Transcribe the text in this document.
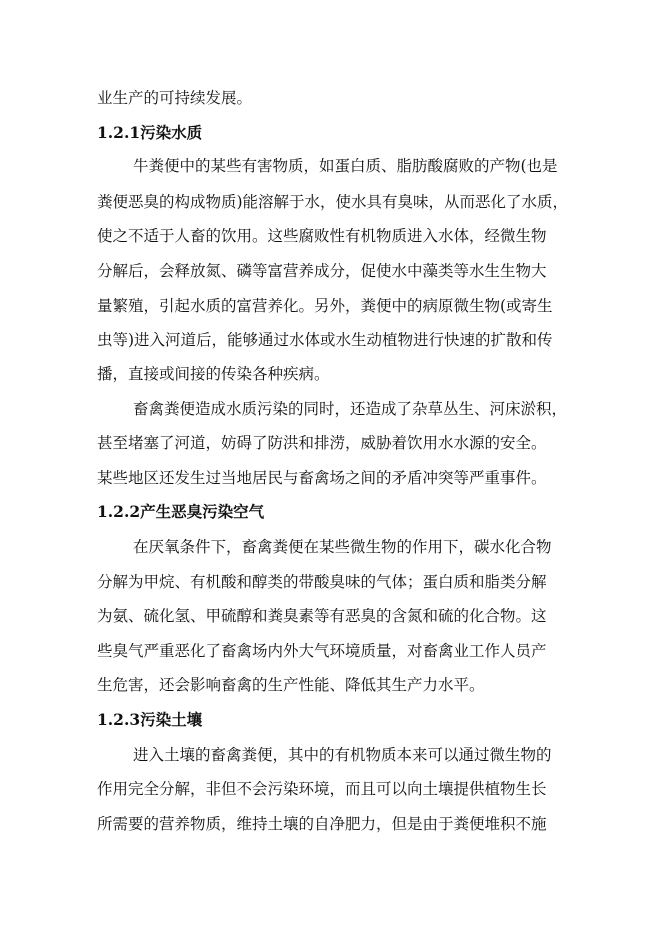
业生产的可持续发展。
1.2.1污染水质
牛粪便中的某些有害物质，如蛋白质、脂肪酸腐败的产物(也是
粪便恶臭的构成物质)能溶解于水，使水具有臭味，从而恶化了水质，
使之不适于人畜的饮用。这些腐败性有机物质进入水体，经微生物
分解后，会释放氮、磷等富营养成分，促使水中藻类等水生生物大
量繁殖，引起水质的富营养化。另外，粪便中的病原微生物(或寄生
虫等)进入河道后，能够通过水体或水生动植物进行快速的扩散和传
播，直接或间接的传染各种疾病。
畜禽粪便造成水质污染的同时，还造成了杂草丛生、河床淤积，
甚至堵塞了河道，妨碍了防洪和排涝，威胁着饮用水水源的安全。
某些地区还发生过当地居民与畜禽场之间的矛盾冲突等严重事件。
1.2.2产生恶臭污染空气
在厌氧条件下，畜禽粪便在某些微生物的作用下，碳水化合物
分解为甲烷、有机酸和醇类的带酸臭味的气体；蛋白质和脂类分解
为氨、硫化氢、甲硫醇和粪臭素等有恶臭的含氮和硫的化合物。这
些臭气严重恶化了畜禽场内外大气环境质量，对畜禽业工作人员产
生危害，还会影响畜禽的生产性能、降低其生产力水平。
1.2.3污染土壤
进入土壤的畜禽粪便，其中的有机物质本来可以通过微生物的
作用完全分解，非但不会污染环境，而且可以向土壤提供植物生长
所需要的营养物质，维持土壤的自净肥力，但是由于粪便堆积不施
